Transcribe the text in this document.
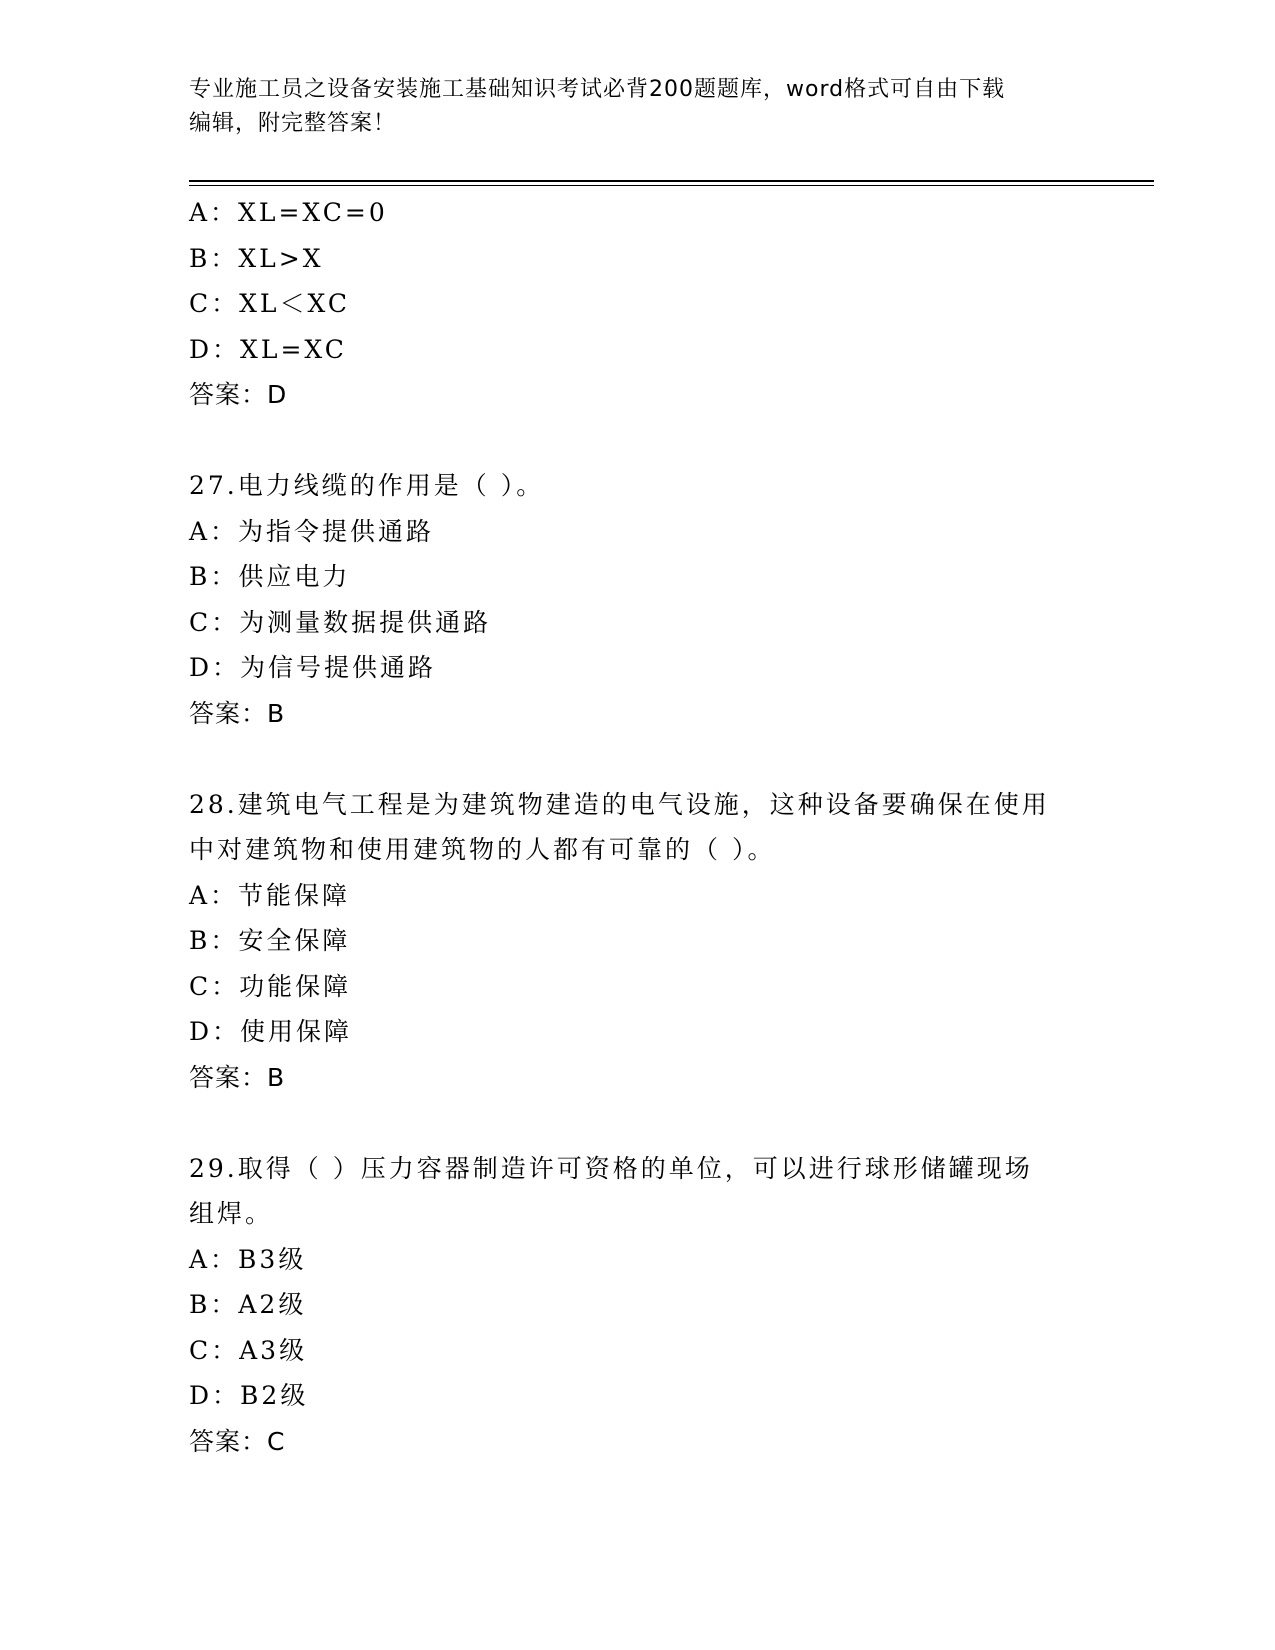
专业施工员之设备安装施工基础知识考试必背200题题库，word格式可自由下载
编辑，附完整答案！
A：XL=XC=0
B：XL>X
C：XL＜XC
D：XL=XC
答案：D
27.电力线缆的作用是（ ）。
A：为指令提供通路
B：供应电力
C：为测量数据提供通路
D：为信号提供通路
答案：B
28.建筑电气工程是为建筑物建造的电气设施，这种设备要确保在使用
中对建筑物和使用建筑物的人都有可靠的（ ）。
A：节能保障
B：安全保障
C：功能保障
D：使用保障
答案：B
29.取得（ ）压力容器制造许可资格的单位，可以进行球形储罐现场
组焊。
A：B3级
B：A2级
C：A3级
D：B2级
答案：C
